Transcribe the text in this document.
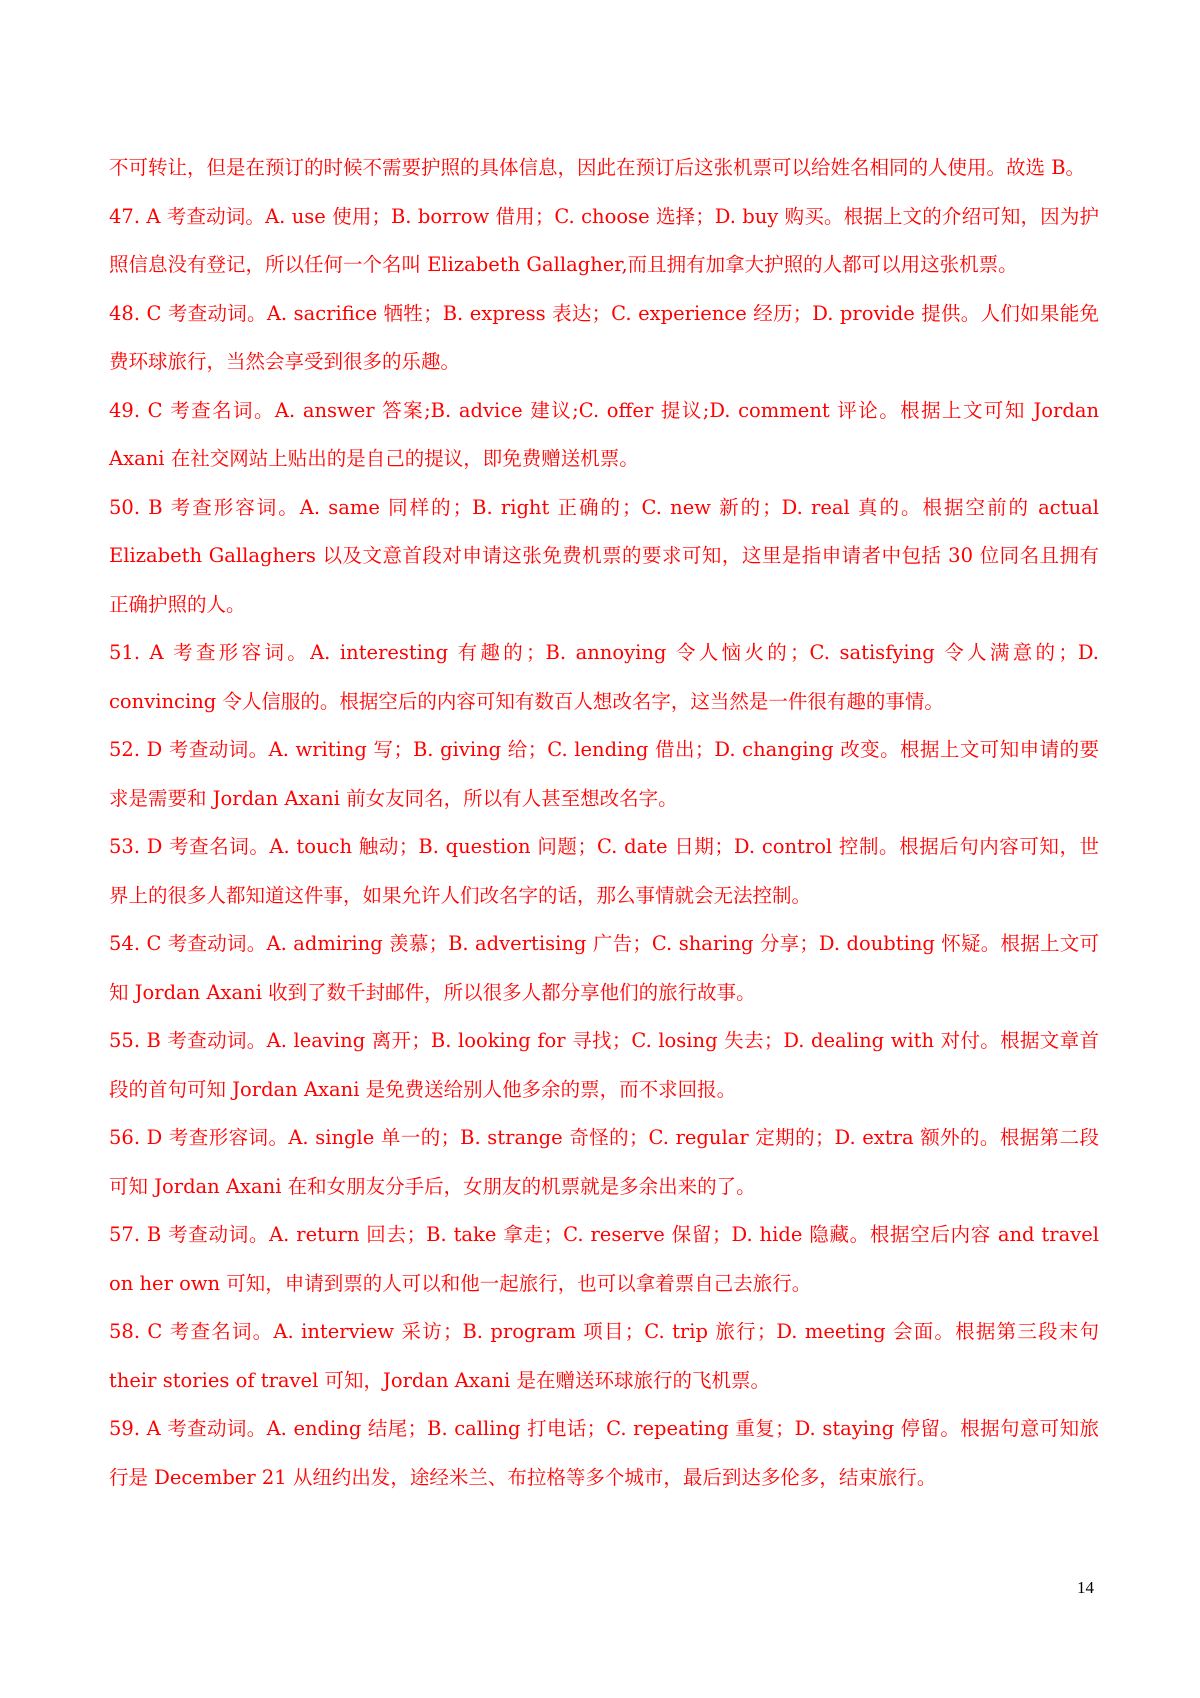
不可转让，但是在预订的时候不需要护照的具体信息，因此在预订后这张机票可以给姓名相同的人使用。故选 B。

47. A 考查动词。A. use 使用；B. borrow 借用；C. choose 选择；D. buy 购买。根据上文的介绍可知，因为护照信息没有登记，所以任何一个名叫 Elizabeth Gallagher,而且拥有加拿大护照的人都可以用这张机票。

48. C 考查动词。A. sacrifice 牺牲；B. express 表达；C. experience 经历；D. provide 提供。人们如果能免费环球旅行，当然会享受到很多的乐趣。

49. C 考查名词。A. answer 答案;B. advice 建议;C. offer 提议;D. comment 评论。根据上文可知 Jordan Axani 在社交网站上贴出的是自己的提议，即免费赠送机票。

50. B 考查形容词。A. same 同样的；B. right 正确的；C. new 新的；D. real 真的。根据空前的 actual Elizabeth Gallaghers 以及文意首段对申请这张免费机票的要求可知，这里是指申请者中包括 30 位同名且拥有正确护照的人。

51. A 考查形容词。A. interesting 有趣的；B. annoying 令人恼火的；C. satisfying 令人满意的；D. convincing 令人信服的。根据空后的内容可知有数百人想改名字，这当然是一件很有趣的事情。

52. D 考查动词。A. writing 写；B. giving 给；C. lending 借出；D. changing 改变。根据上文可知申请的要求是需要和 Jordan Axani 前女友同名，所以有人甚至想改名字。

53. D 考查名词。A. touch 触动；B. question 问题；C. date 日期；D. control 控制。根据后句内容可知，世界上的很多人都知道这件事，如果允许人们改名字的话，那么事情就会无法控制。

54. C 考查动词。A. admiring 羡慕；B. advertising 广告；C. sharing 分享；D. doubting 怀疑。根据上文可知 Jordan Axani 收到了数千封邮件，所以很多人都分享他们的旅行故事。

55. B 考查动词。A. leaving 离开；B. looking for 寻找；C. losing 失去；D. dealing with 对付。根据文章首段的首句可知 Jordan Axani 是免费送给别人他多余的票，而不求回报。

56. D 考查形容词。A. single 单一的；B. strange 奇怪的；C. regular 定期的；D. extra 额外的。根据第二段可知 Jordan Axani 在和女朋友分手后，女朋友的机票就是多余出来的了。

57. B 考查动词。A. return 回去；B. take 拿走；C. reserve 保留；D. hide 隐藏。根据空后内容 and travel on her own 可知，申请到票的人可以和他一起旅行，也可以拿着票自己去旅行。

58. C 考查名词。A. interview 采访；B. program 项目；C. trip 旅行；D. meeting 会面。根据第三段末句 their stories of travel 可知，Jordan Axani 是在赠送环球旅行的飞机票。

59. A 考查动词。A. ending 结尾；B. calling 打电话；C. repeating 重复；D. staying 停留。根据句意可知旅行是 December 21 从纽约出发，途经米兰、布拉格等多个城市，最后到达多伦多，结束旅行。

14
